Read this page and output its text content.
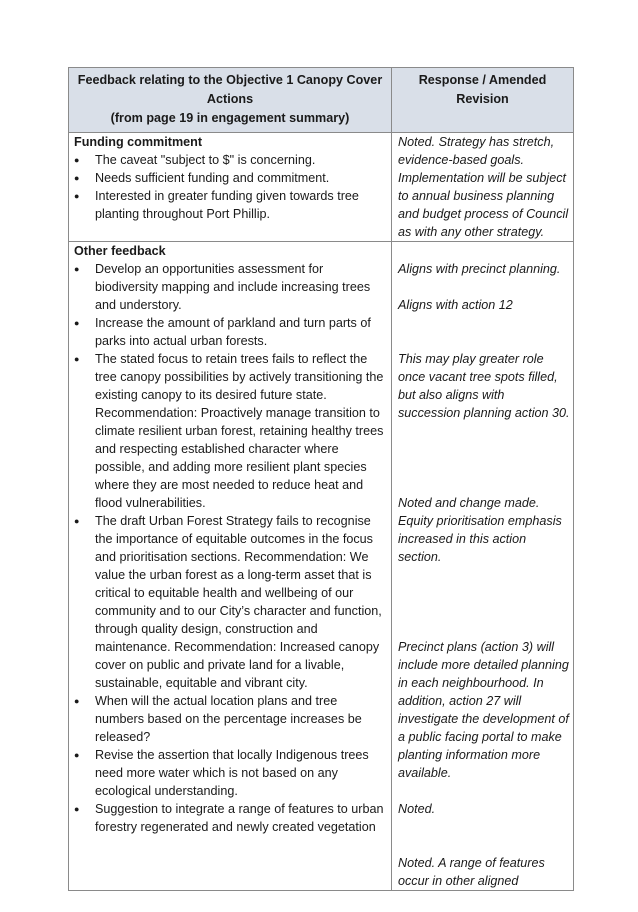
Feedback relating to the Objective 1 Canopy Cover
Actions
(from page 19 in engagement summary)

Response / Amended
Revision

Funding commitment
● The caveat "subject to $" is concerning.
● Needs sufficient funding and commitment.
● Interested in greater funding given towards tree planting throughout Port Phillip.

Noted. Strategy has stretch, evidence-based goals. Implementation will be subject to annual business planning and budget process of Council as with any other strategy.

Other feedback
● Develop an opportunities assessment for biodiversity mapping and include increasing trees and understory.
● Increase the amount of parkland and turn parts of parks into actual urban forests.
● The stated focus to retain trees fails to reflect the tree canopy possibilities by actively transitioning the existing canopy to its desired future state. Recommendation: Proactively manage transition to climate resilient urban forest, retaining healthy trees and respecting established character where possible, and adding more resilient plant species where they are most needed to reduce heat and flood vulnerabilities.
● The draft Urban Forest Strategy fails to recognise the importance of equitable outcomes in the focus and prioritisation sections. Recommendation: We value the urban forest as a long-term asset that is critical to equitable health and wellbeing of our community and to our City’s character and function, through quality design, construction and maintenance. Recommendation: Increased canopy cover on public and private land for a livable, sustainable, equitable and vibrant city.
● When will the actual location plans and tree numbers based on the percentage increases be released?
● Revise the assertion that locally Indigenous trees need more water which is not based on any ecological understanding.
● Suggestion to integrate a range of features to urban forestry regenerated and newly created vegetation

Aligns with precinct planning.
Aligns with action 12
This may play greater role once vacant tree spots filled, but also aligns with succession planning action 30.
Noted and change made. Equity prioritisation emphasis increased in this action section.
Precinct plans (action 3) will include more detailed planning in each neighbourhood. In addition, action 27 will investigate the development of a public facing portal to make planting information more available.
Noted.
Noted. A range of features occur in other aligned
